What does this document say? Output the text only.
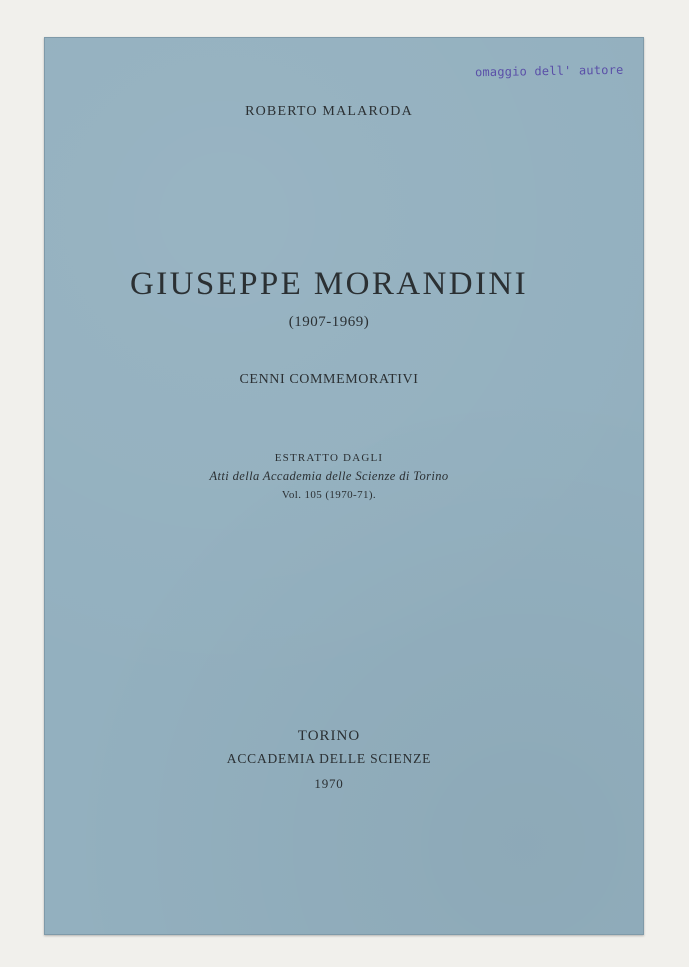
omaggio dell' autore
ROBERTO MALARODA
GIUSEPPE MORANDINI
(1907-1969)
CENNI COMMEMORATIVI
ESTRATTO DAGLI
Atti della Accademia delle Scienze di Torino
Vol. 105 (1970-71).
TORINO
ACCADEMIA DELLE SCIENZE
1970
